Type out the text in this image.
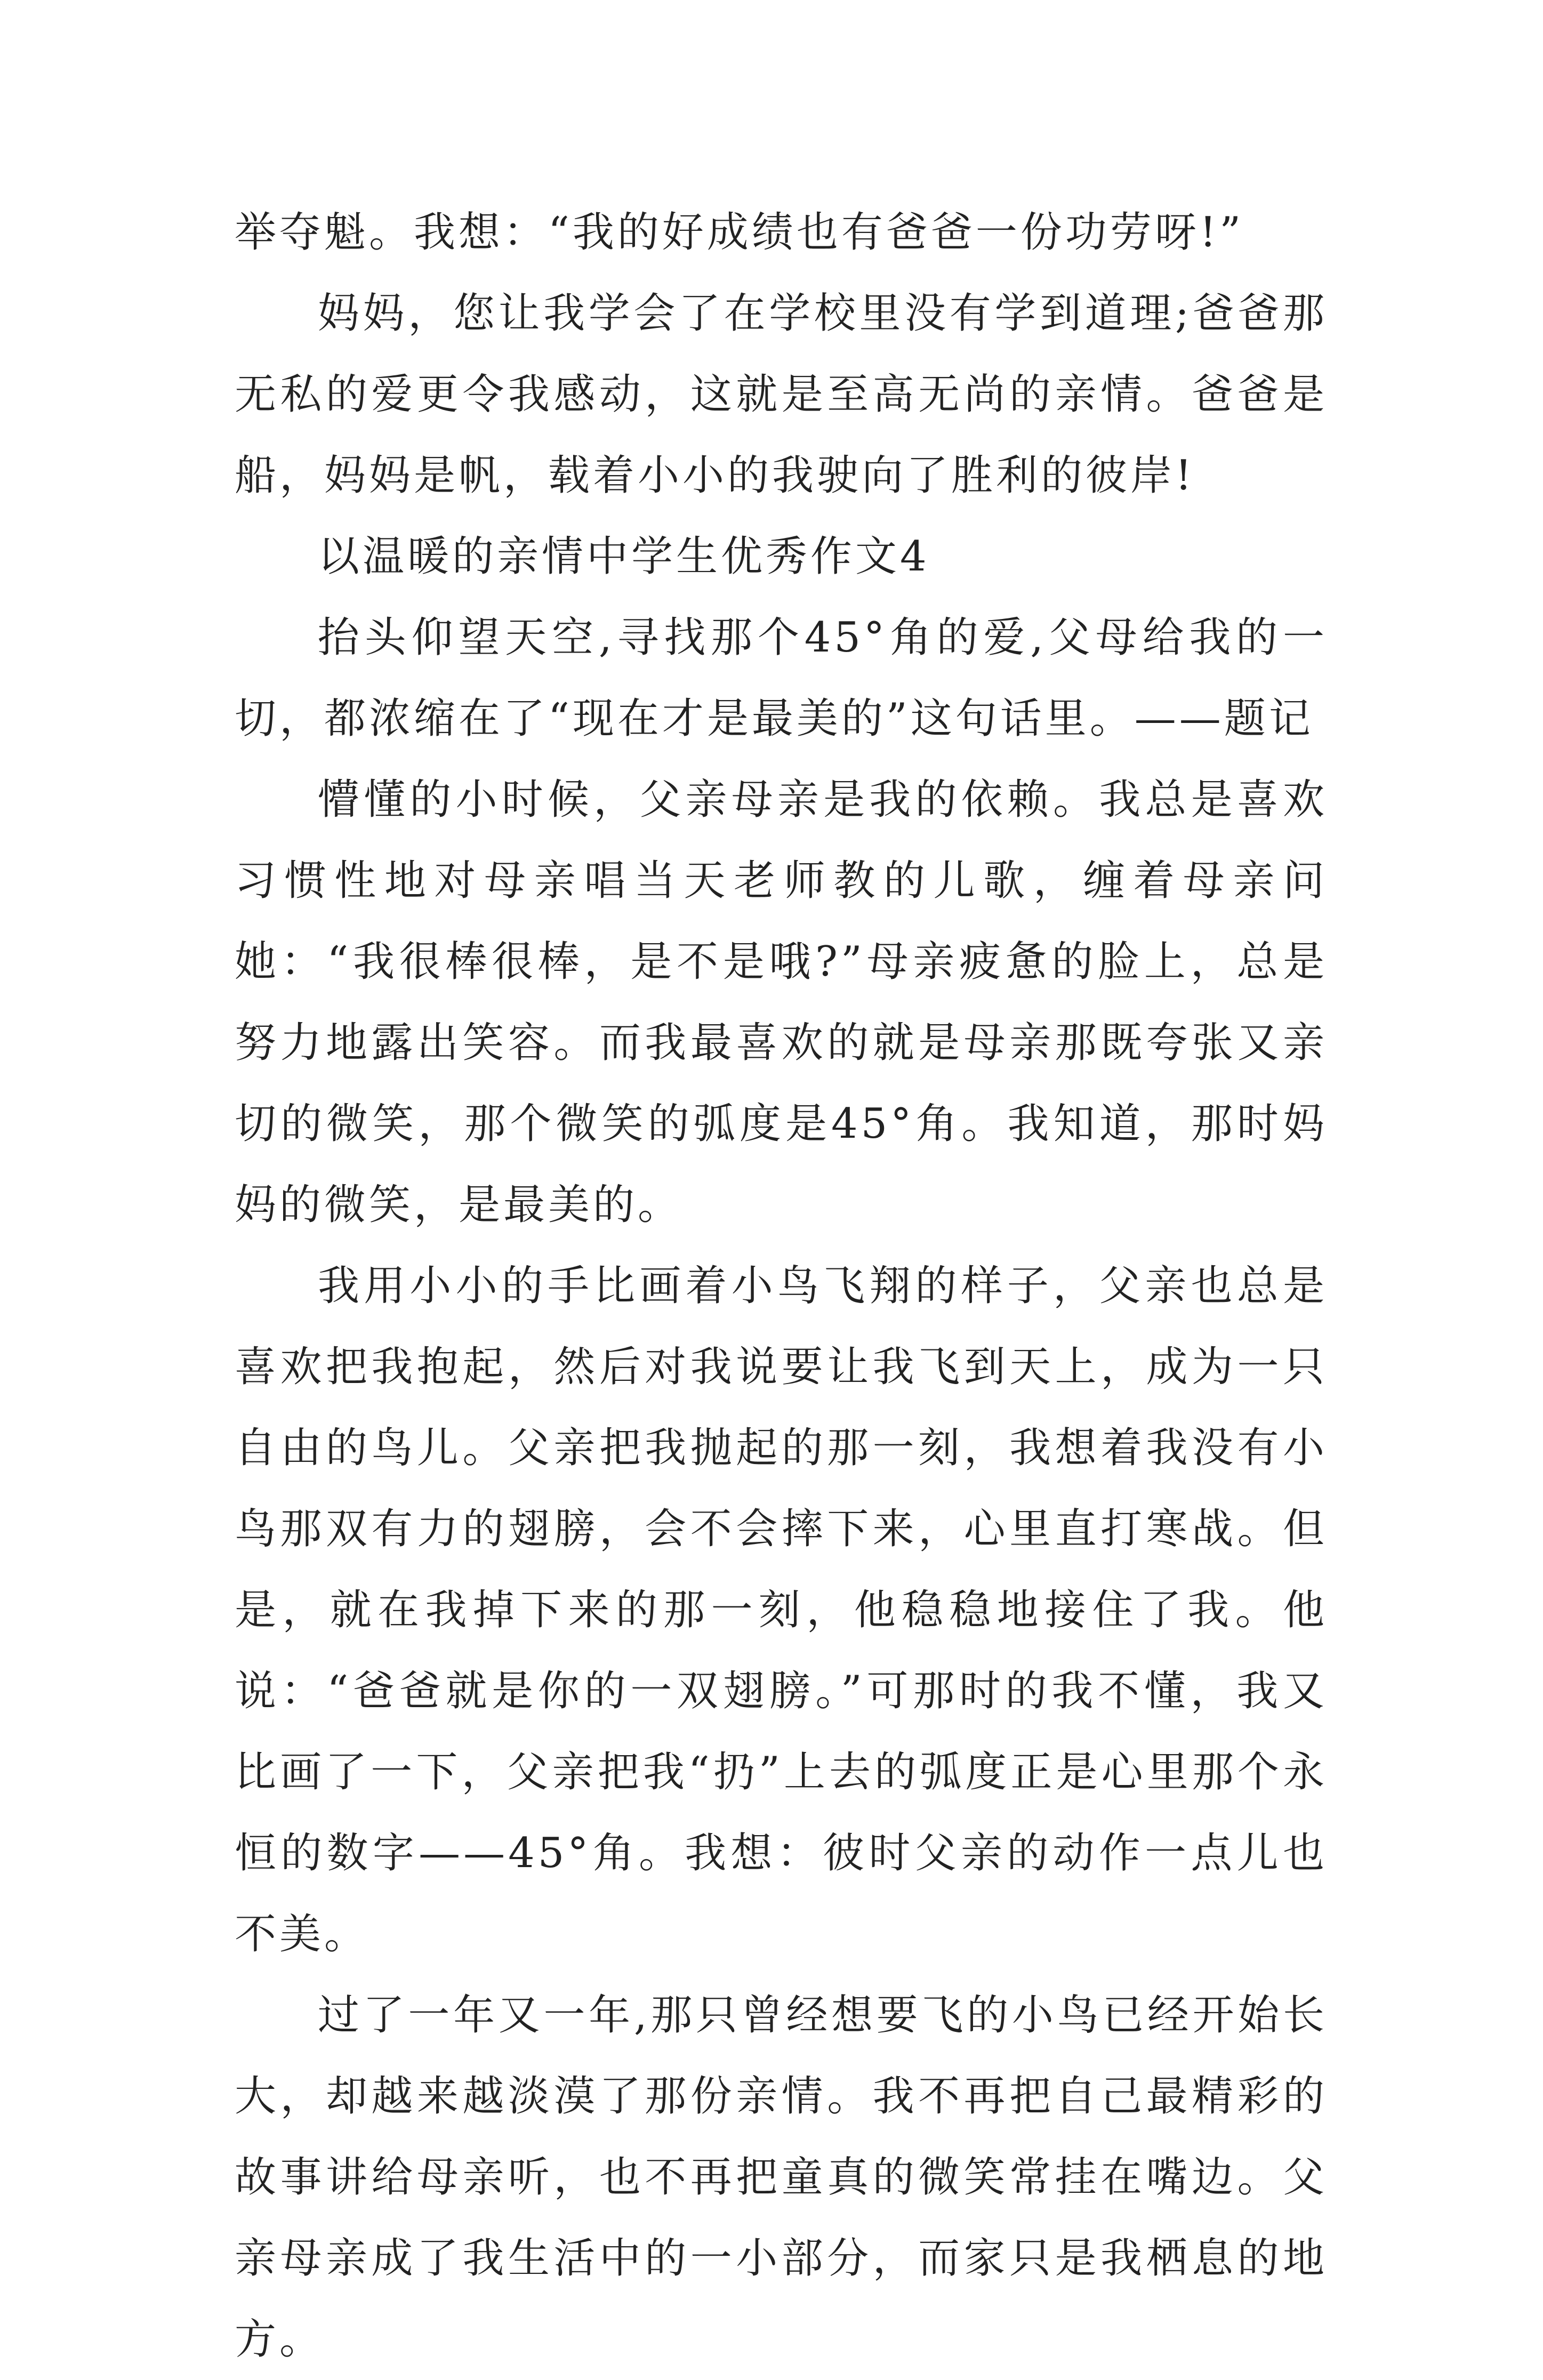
举夺魁。我想：“我的好成绩也有爸爸一份功劳呀!”

妈妈，您让我学会了在学校里没有学到道理;爸爸那无私的爱更令我感动，这就是至高无尚的亲情。爸爸是船，妈妈是帆，载着小小的我驶向了胜利的彼岸!

以温暖的亲情中学生优秀作文4

抬头仰望天空,寻找那个45°角的爱,父母给我的一切，都浓缩在了“现在才是最美的”这句话里。——题记

懵懂的小时候，父亲母亲是我的依赖。我总是喜欢习惯性地对母亲唱当天老师教的儿歌，缠着母亲问她：“我很棒很棒，是不是哦?”母亲疲惫的脸上，总是努力地露出笑容。而我最喜欢的就是母亲那既夸张又亲切的微笑，那个微笑的弧度是45°角。我知道，那时妈妈的微笑，是最美的。

我用小小的手比画着小鸟飞翔的样子，父亲也总是喜欢把我抱起，然后对我说要让我飞到天上，成为一只自由的鸟儿。父亲把我抛起的那一刻，我想着我没有小鸟那双有力的翅膀，会不会摔下来，心里直打寒战。但是，就在我掉下来的那一刻，他稳稳地接住了我。他说：“爸爸就是你的一双翅膀。”可那时的我不懂，我又比画了一下，父亲把我“扔”上去的弧度正是心里那个永恒的数字——45°角。我想：彼时父亲的动作一点儿也不美。

过了一年又一年,那只曾经想要飞的小鸟已经开始长大，却越来越淡漠了那份亲情。我不再把自己最精彩的故事讲给母亲听，也不再把童真的微笑常挂在嘴边。父亲母亲成了我生活中的一小部分，而家只是我栖息的地方。
